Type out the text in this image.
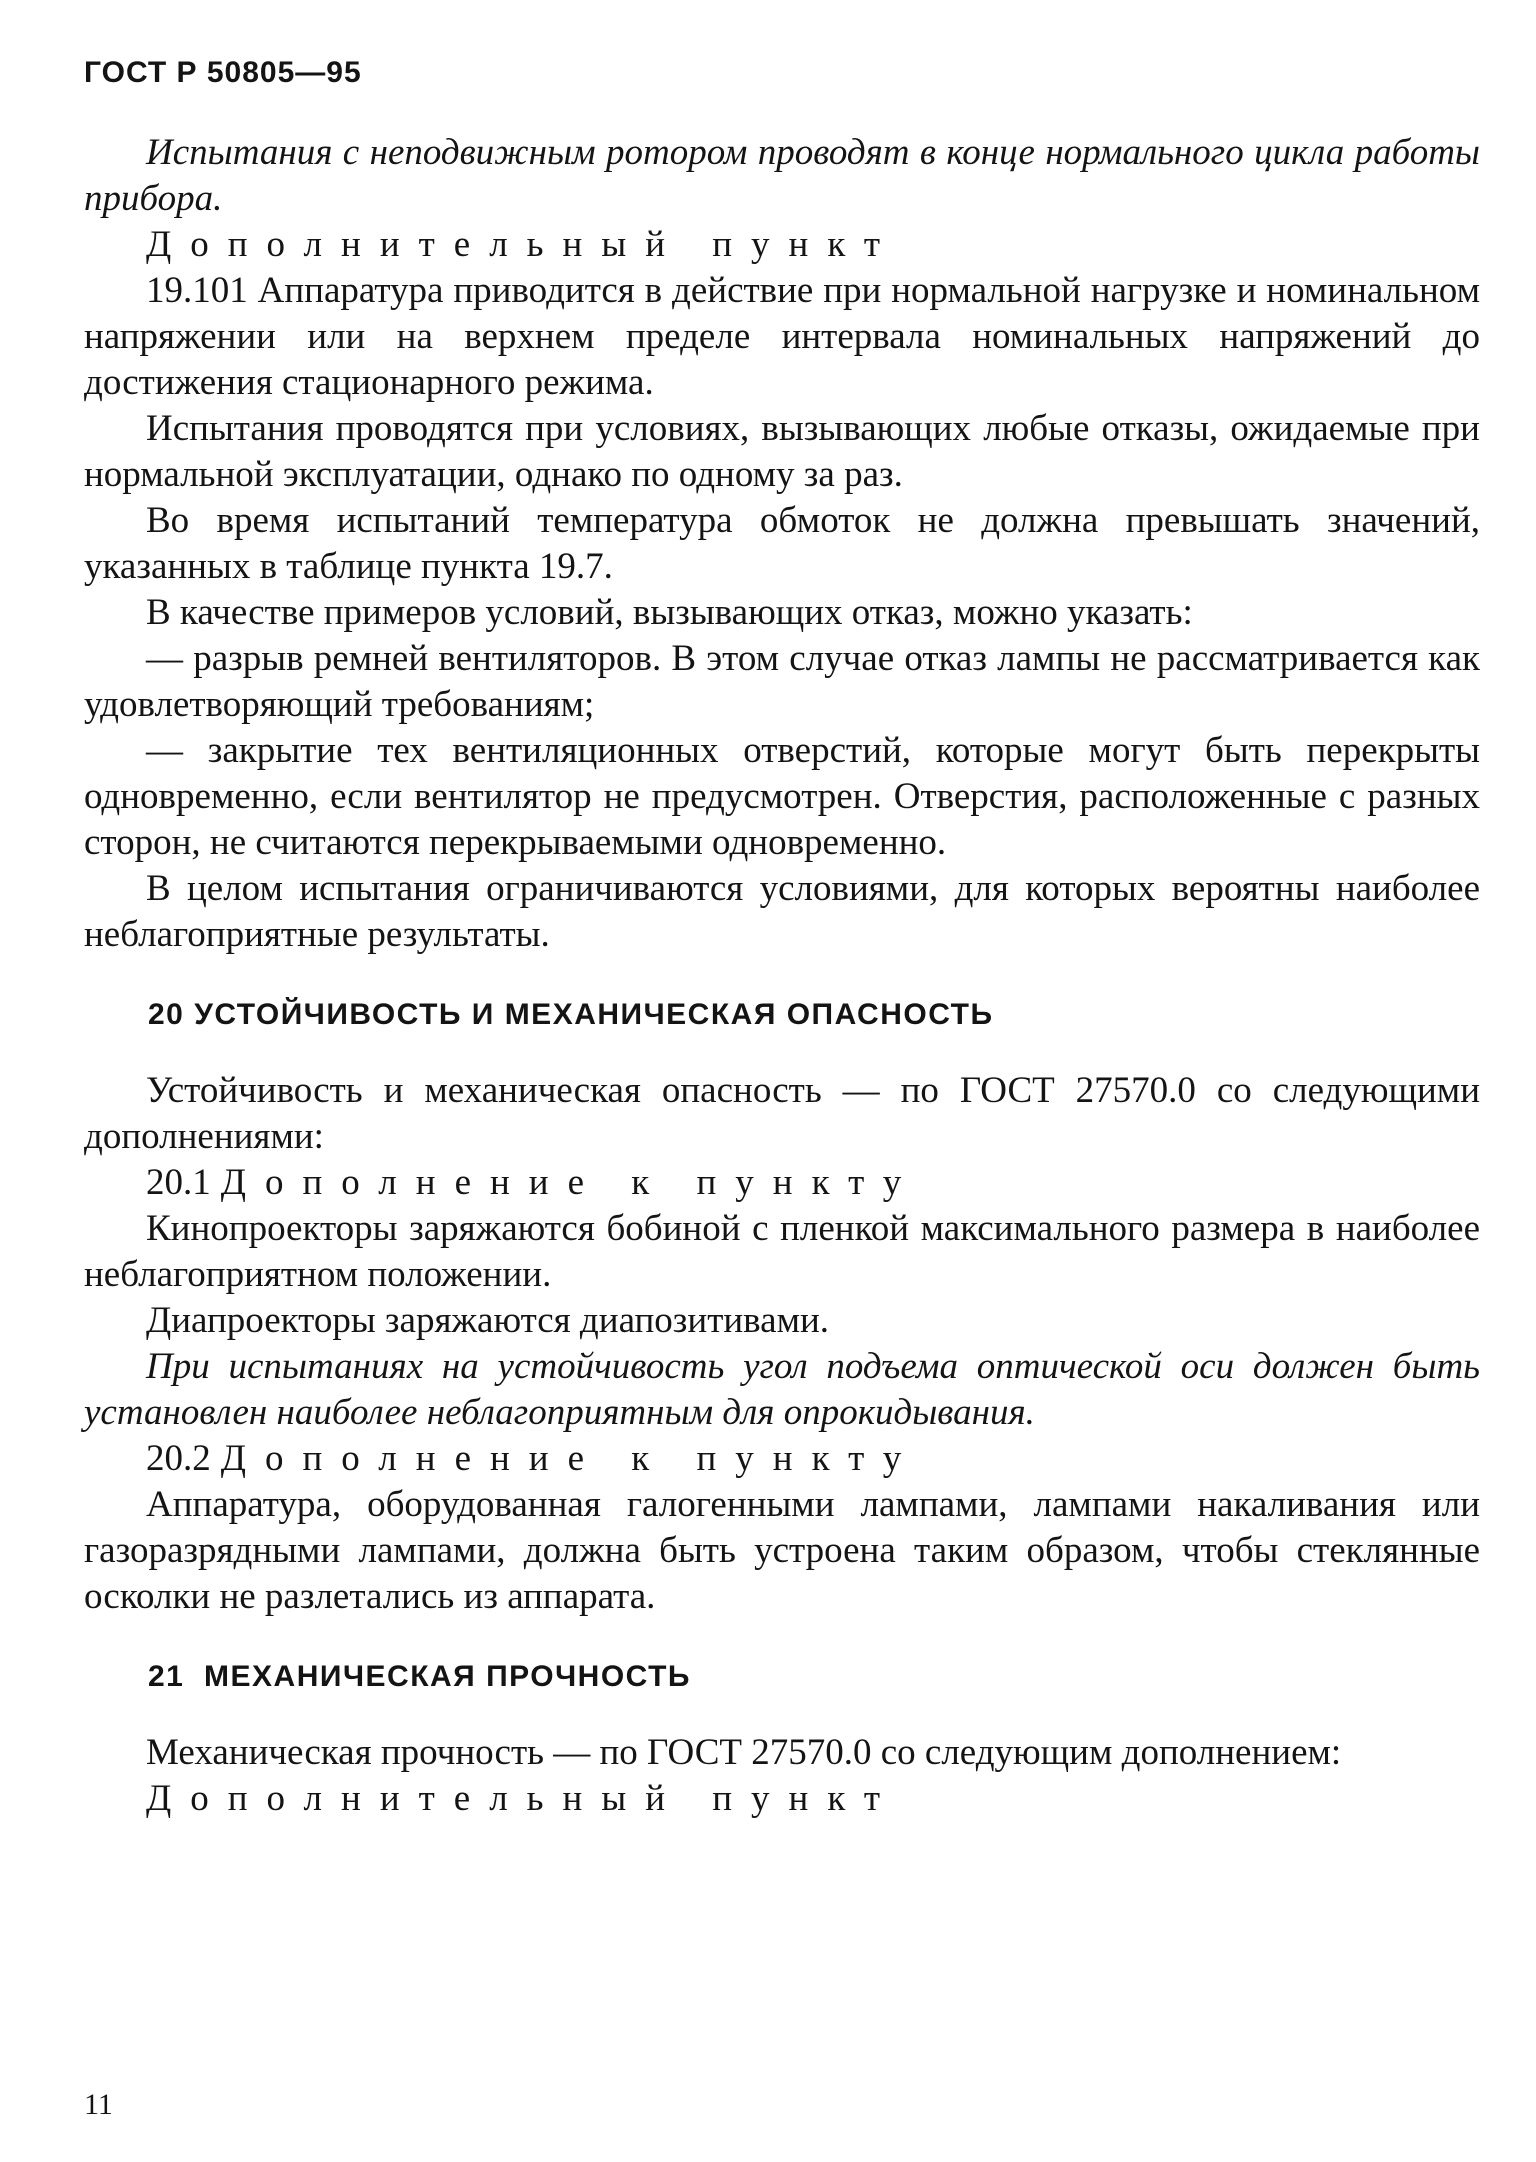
ГОСТ Р 50805—95

Испытания с неподвижным ротором проводят в конце нормального цикла работы прибора.

Дополнительный пункт

19.101 Аппаратура приводится в действие при нормальной нагрузке и номинальном напряжении или на верхнем пределе интервала номинальных напряжений до достижения стационарного режима.

Испытания проводятся при условиях, вызывающих любые отказы, ожидаемые при нормальной эксплуатации, однако по одному за раз.

Во время испытаний температура обмоток не должна превышать значений, указанных в таблице пункта 19.7.

В качестве примеров условий, вызывающих отказ, можно указать:

— разрыв ремней вентиляторов. В этом случае отказ лампы не рассматривается как удовлетворяющий требованиям;

— закрытие тех вентиляционных отверстий, которые могут быть перекрыты одновременно, если вентилятор не предусмотрен. Отверстия, расположенные с разных сторон, не считаются перекрываемыми одновременно.

В целом испытания ограничиваются условиями, для которых вероятны наиболее неблагоприятные результаты.

20 УСТОЙЧИВОСТЬ И МЕХАНИЧЕСКАЯ ОПАСНОСТЬ

Устойчивость и механическая опасность — по ГОСТ 27570.0 со следующими дополнениями:

20.1 Дополнение к пункту

Кинопроекторы заряжаются бобиной с пленкой максимального размера в наиболее неблагоприятном положении.

Диапроекторы заряжаются диапозитивами.

При испытаниях на устойчивость угол подъема оптической оси должен быть установлен наиболее неблагоприятным для опрокидывания.

20.2 Дополнение к пункту

Аппаратура, оборудованная галогенными лампами, лампами накаливания или газоразрядными лампами, должна быть устроена таким образом, чтобы стеклянные осколки не разлетались из аппарата.

21  МЕХАНИЧЕСКАЯ ПРОЧНОСТЬ

Механическая прочность — по ГОСТ 27570.0 со следующим дополнением:

Дополнительный пункт

11
